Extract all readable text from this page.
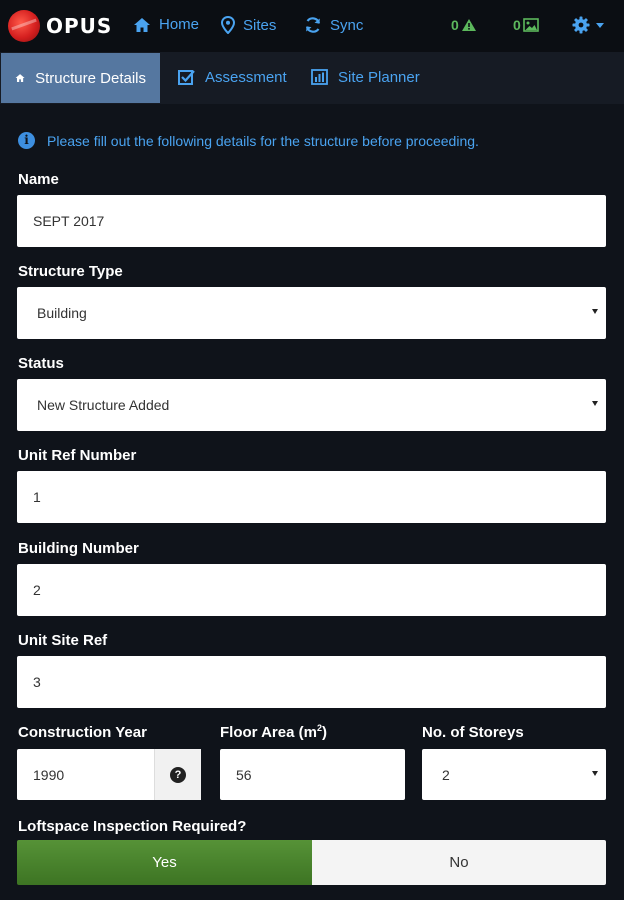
OPUS	Home	Sites	Sync	0	0
Structure Details	Assessment	Site Planner
i	Please fill out the following details for the structure before proceeding.
Name
SEPT 2017
Structure Type
Building
Status
New Structure Added
Unit Ref Number
1
Building Number
2
Unit Site Ref
3
Construction Year	Floor Area $(m^2)$	No. of Storeys
1990	?	56	2
Loftspace Inspection Required?
Yes	No
